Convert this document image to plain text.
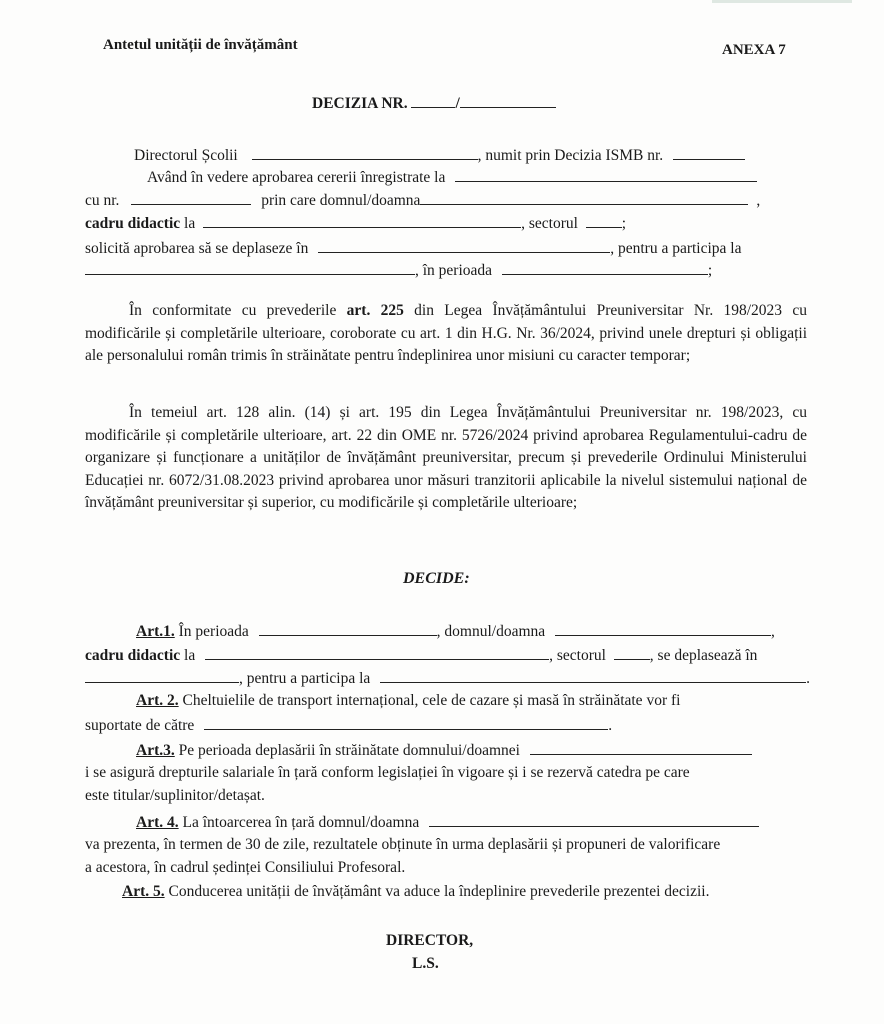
Antetul unității de învățământ	ANEXA 7
DECIZIA NR.	/
Directorul Școlii	, numit prin Decizia ISMB nr.
Având în vedere aprobarea cererii înregistrate la
cu nr.	prin care domnul/doamna	,
cadru didactic la	, sectorul	;
solicită aprobarea să se deplaseze în	, pentru a participa la
, în perioada	;
În conformitate cu prevederile art. 225 din Legea Învățământului Preuniversitar Nr. 198/2023 cu modificările și completările ulterioare, coroborate cu art. 1 din H.G. Nr. 36/2024, privind unele drepturi și obligații ale personalului român trimis în străinătate pentru îndeplinirea unor misiuni cu caracter temporar;
În temeiul art. 128 alin. (14) și art. 195 din Legea Învățământului Preuniversitar nr. 198/2023, cu modificările și completările ulterioare, art. 22 din OME nr. 5726/2024 privind aprobarea Regulamentului-cadru de organizare și funcționare a unităților de învățământ preuniversitar, precum și prevederile Ordinului Ministerului Educației nr. 6072/31.08.2023 privind aprobarea unor măsuri tranzitorii aplicabile la nivelul sistemului național de învățământ preuniversitar și superior, cu modificările și completările ulterioare;
DECIDE:
Art.1. În perioada	, domnul/doamna	,
cadru didactic la	, sectorul	, se deplasează în
, pentru a participa la	.
Art. 2. Cheltuielile de transport internațional, cele de cazare și masă în străinătate vor fi
suportate de către	.
Art.3. Pe perioada deplasării în străinătate domnului/doamnei
i se asigură drepturile salariale în țară conform legislației în vigoare și i se rezervă catedra pe care
este titular/suplinitor/detașat.
Art. 4. La întoarcerea în țară domnul/doamna
va prezenta, în termen de 30 de zile, rezultatele obținute în urma deplasării și propuneri de valorificare
a acestora, în cadrul ședinței Consiliului Profesoral.
Art. 5. Conducerea unității de învățământ va aduce la îndeplinire prevederile prezentei decizii.
DIRECTOR,
L.S.
